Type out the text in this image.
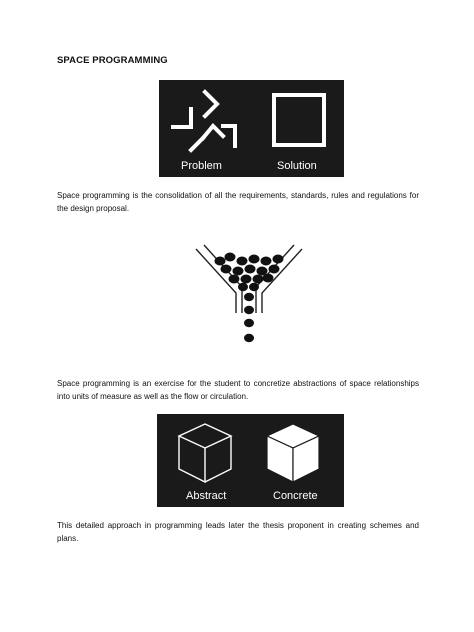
SPACE PROGRAMMING
Problem	Solution
Space programming is the consolidation of all the requirements, standards, rules and regulations for the design proposal.
Space programming is an exercise for the student to concretize abstractions of space relationships into units of measure as well as the flow or circulation.
Abstract	Concrete
This detailed approach in programming leads later the thesis proponent in creating schemes and plans.
